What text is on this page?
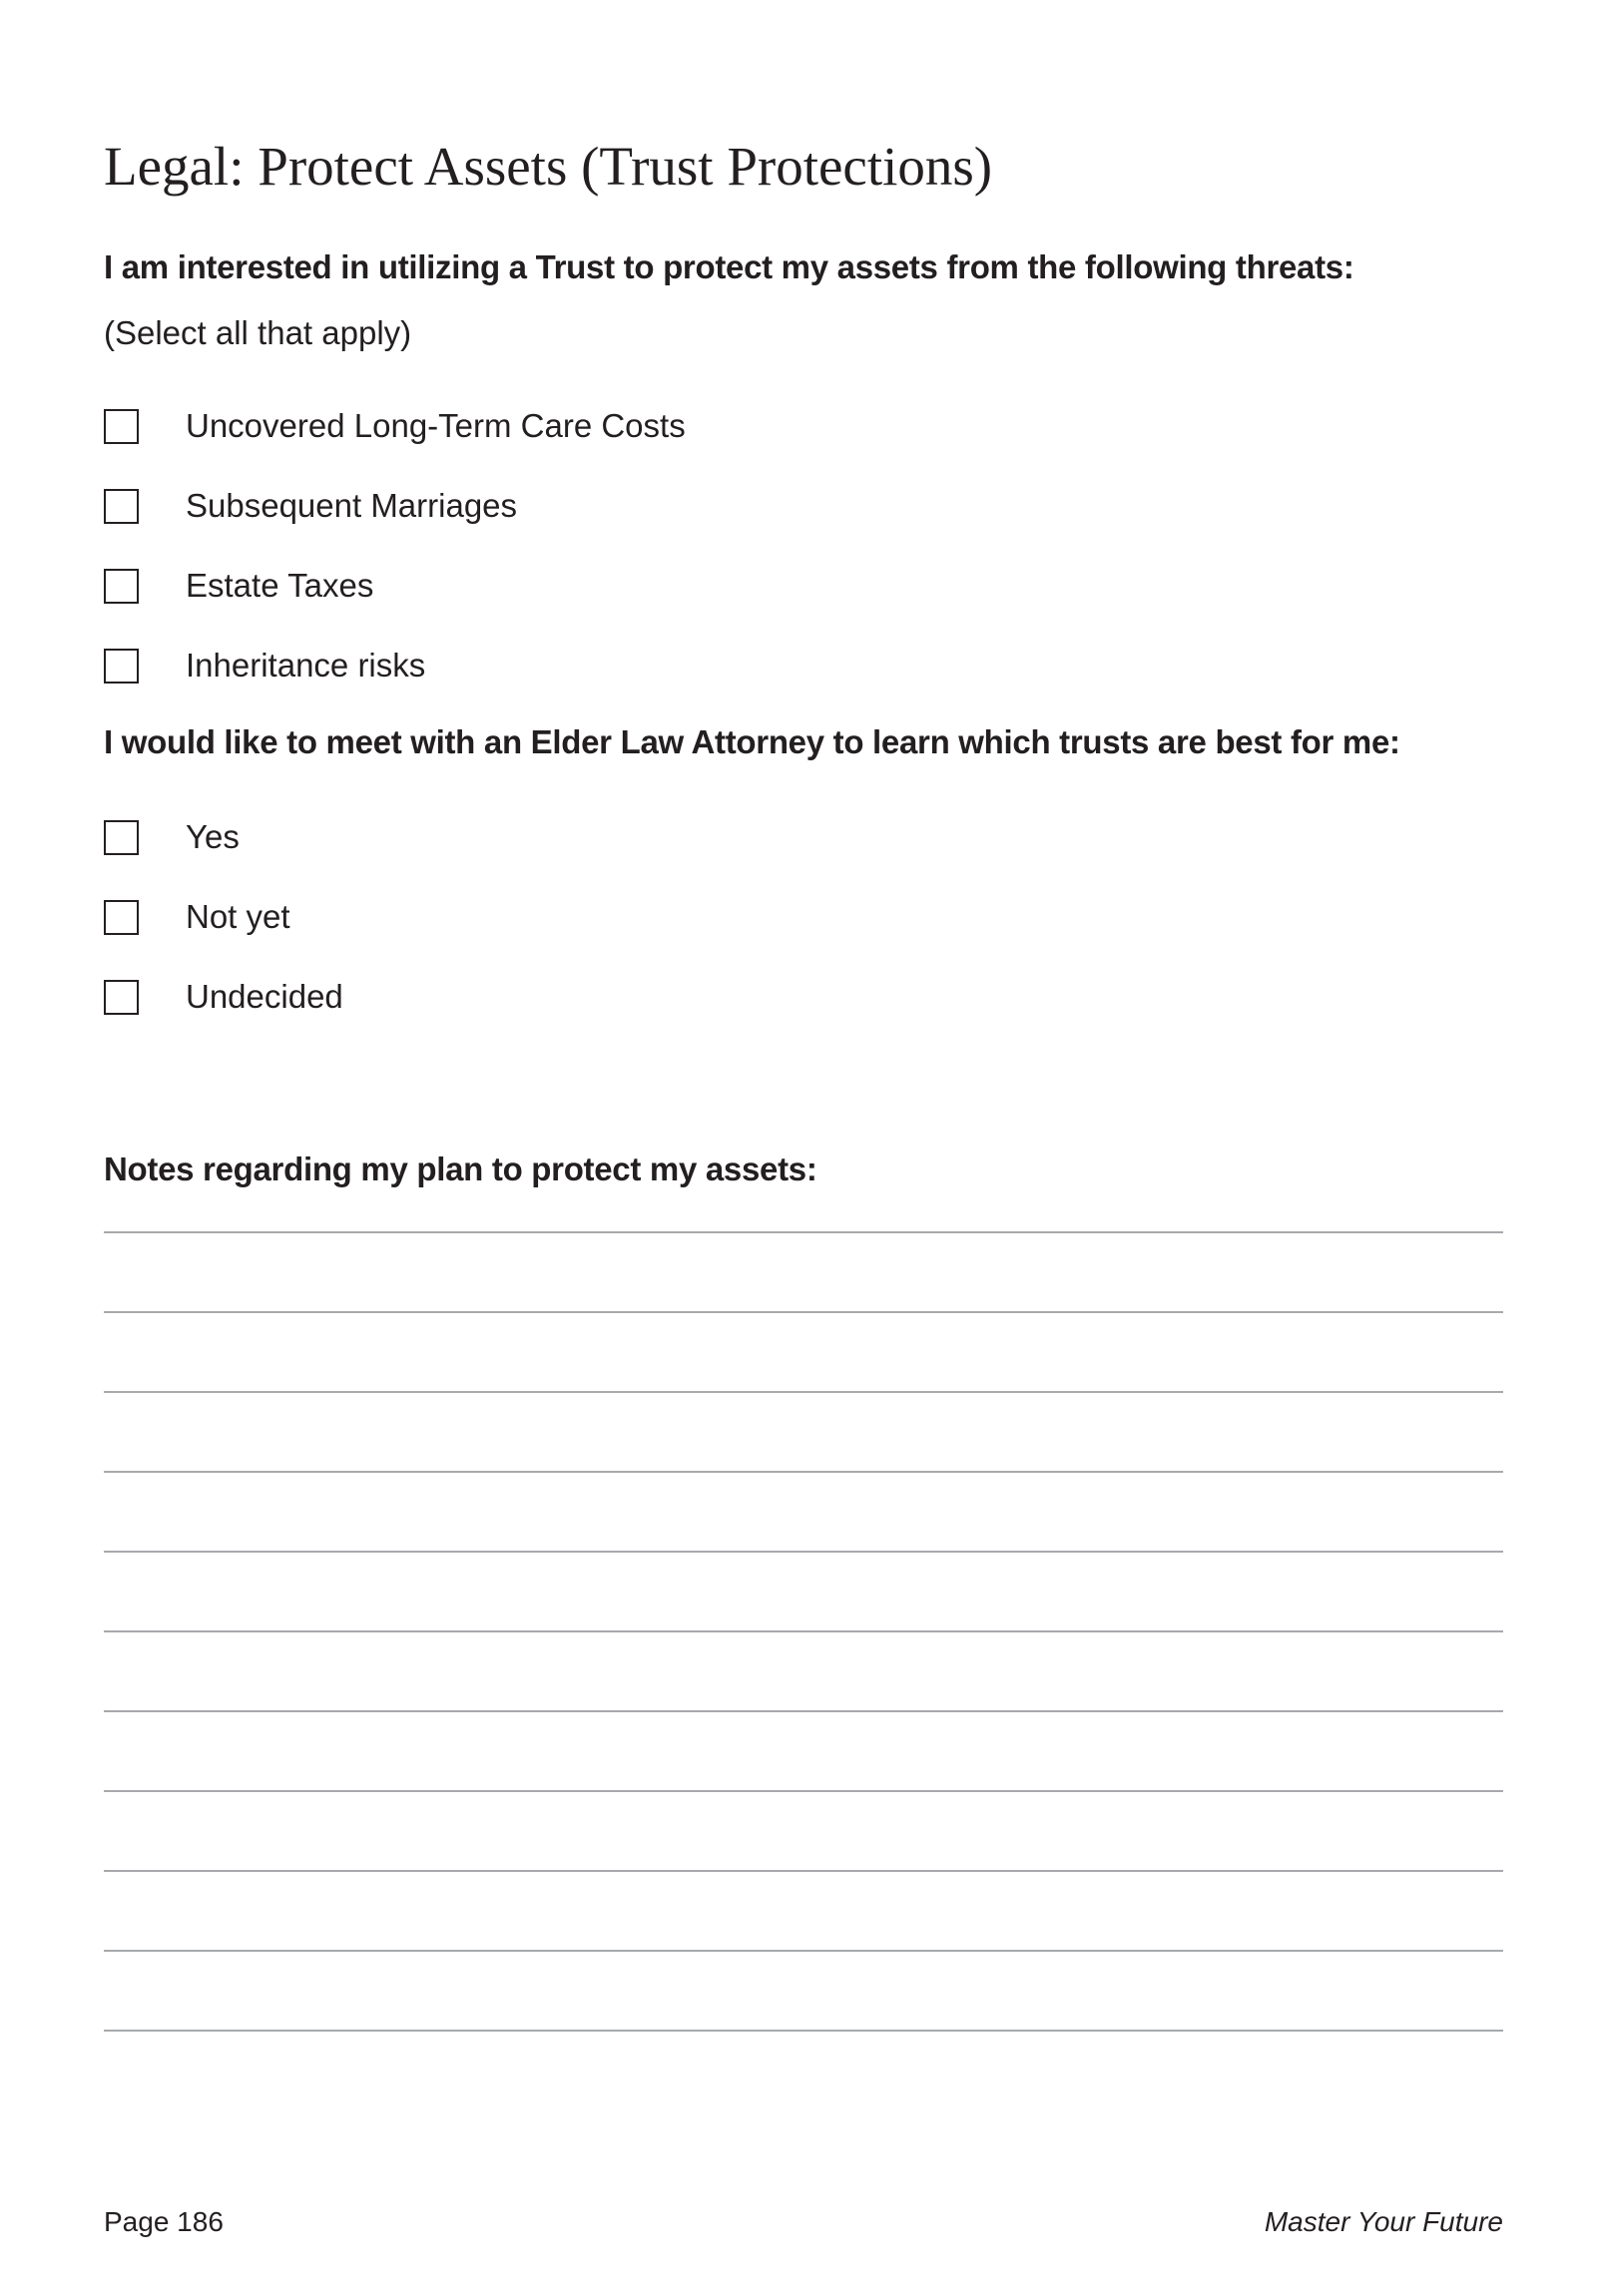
Legal: Protect Assets (Trust Protections)

I am interested in utilizing a Trust to protect my assets from the following threats:

(Select all that apply)

Uncovered Long-Term Care Costs
Subsequent Marriages
Estate Taxes
Inheritance risks

I would like to meet with an Elder Law Attorney to learn which trusts are best for me:

Yes
Not yet
Undecided

Notes regarding my plan to protect my assets:

Page 186	Master Your Future
